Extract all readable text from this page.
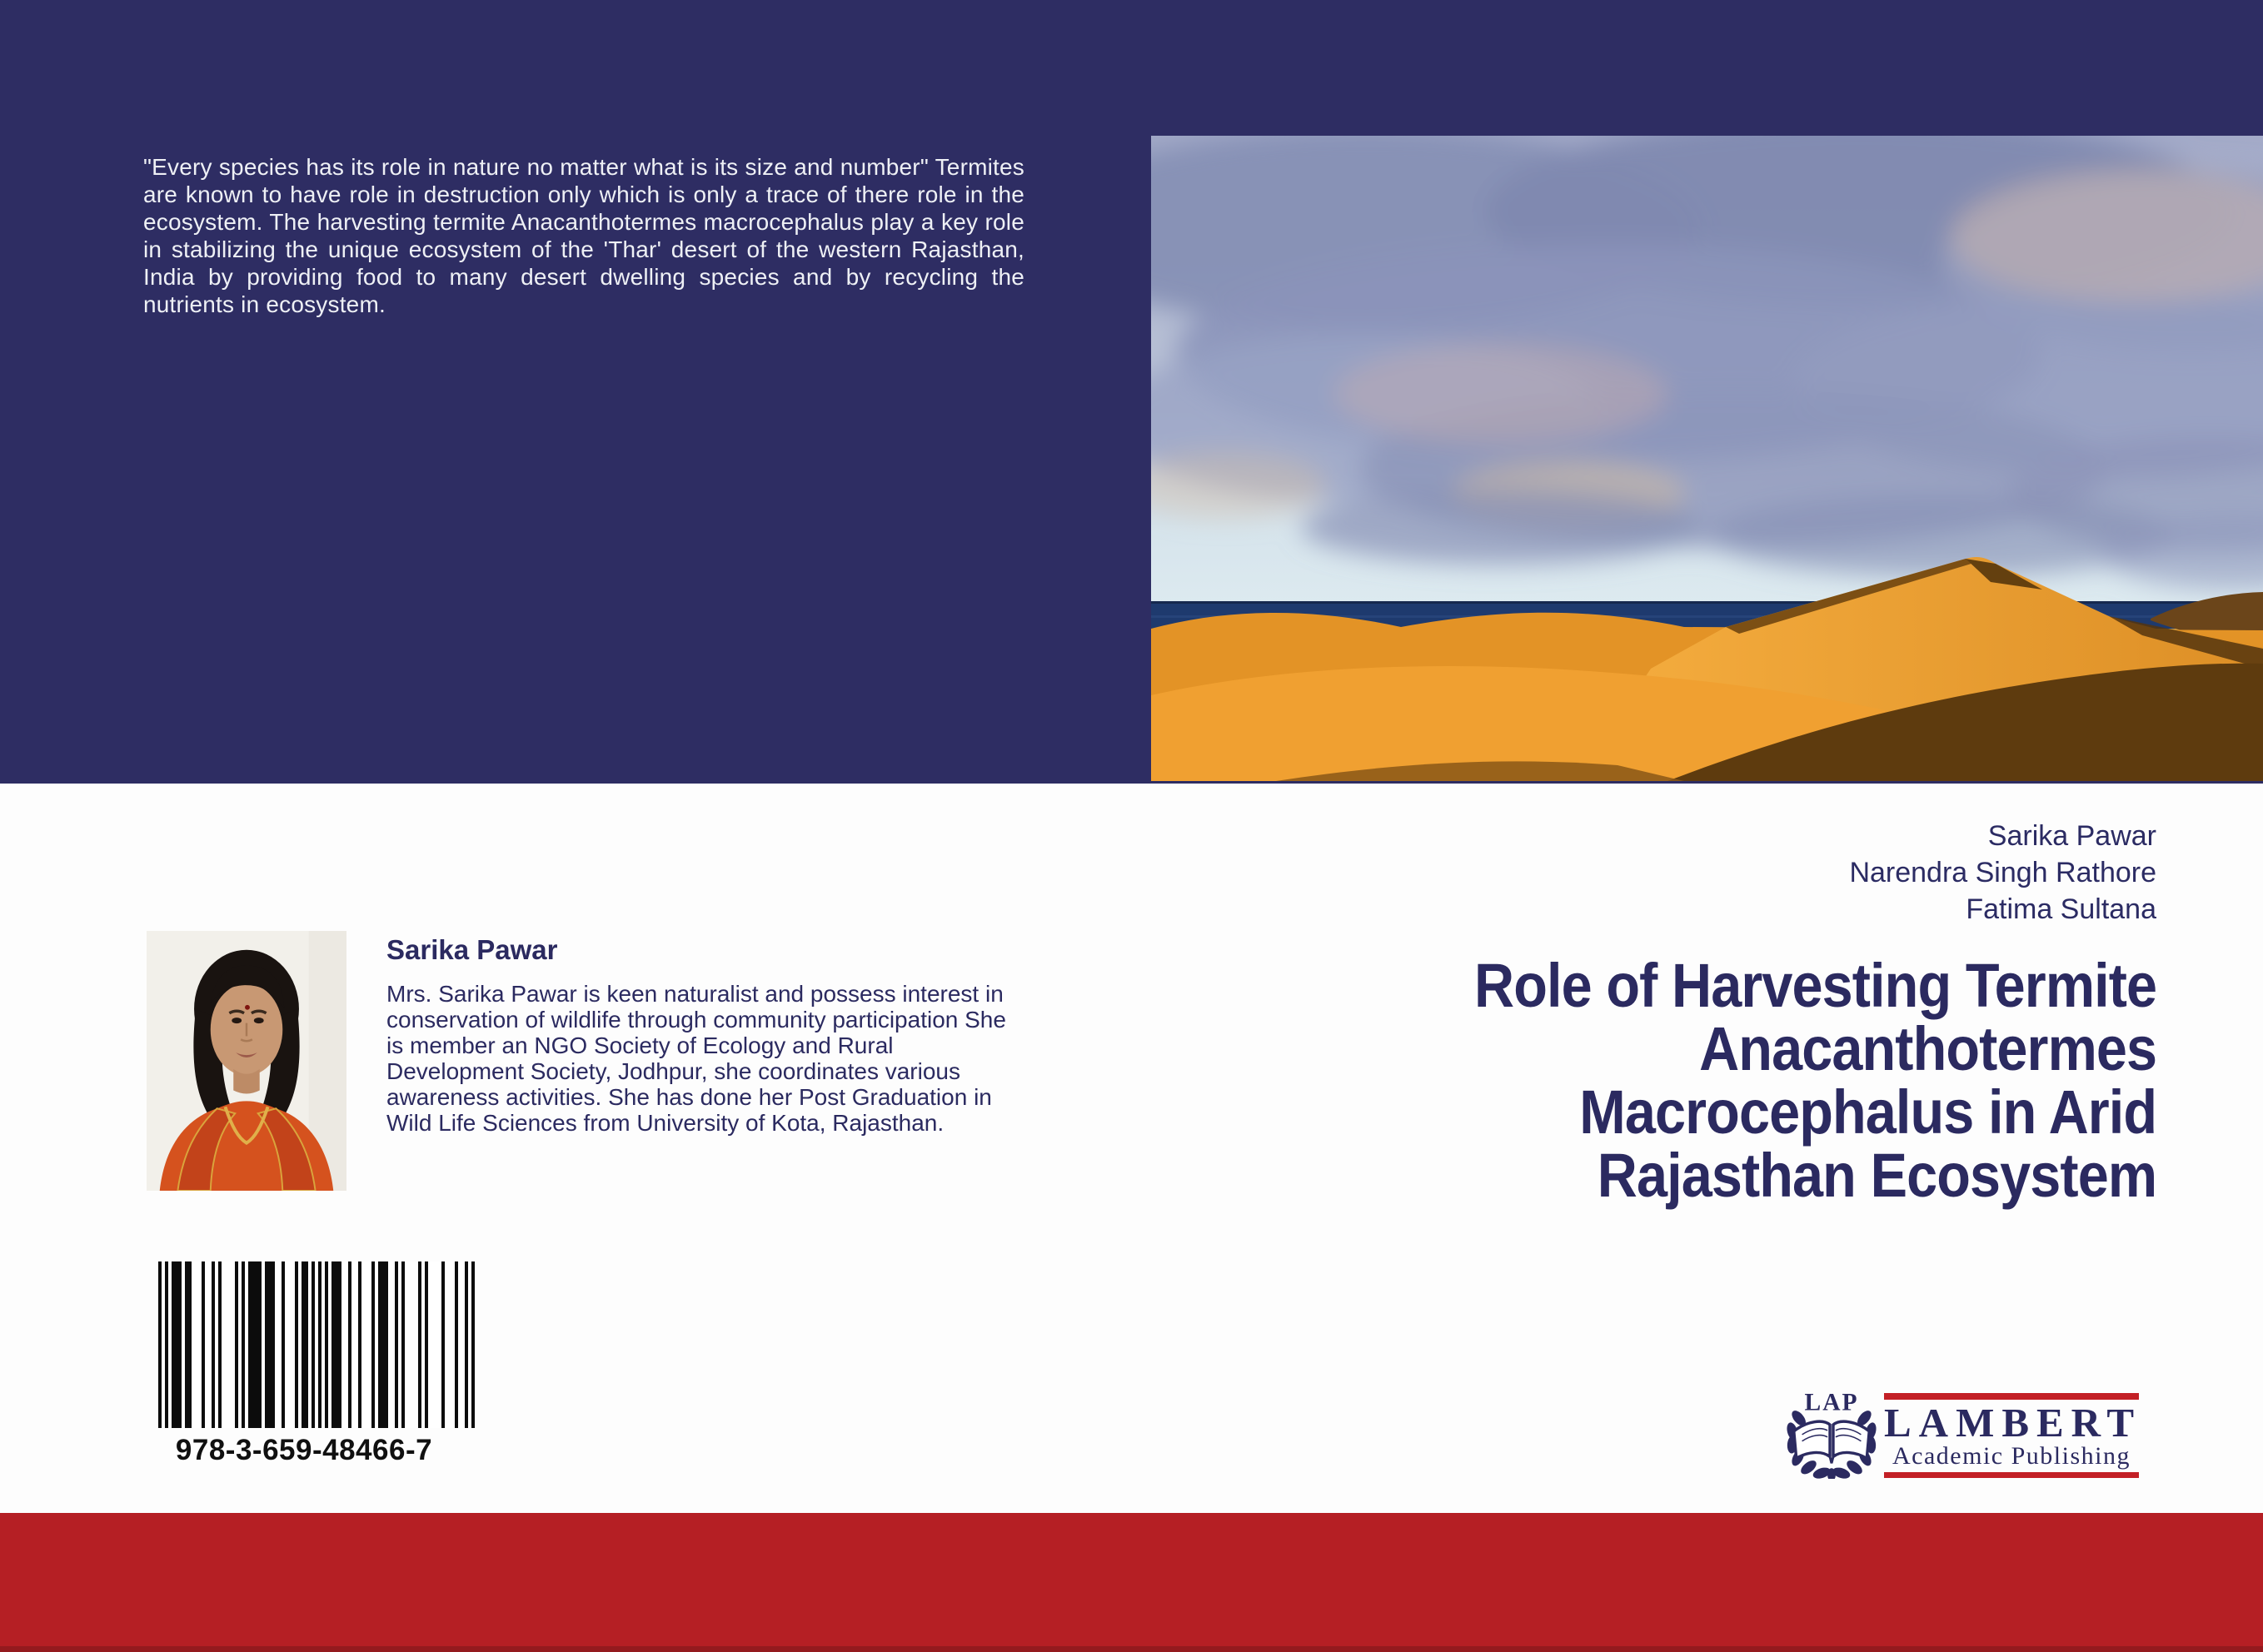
"Every species has its role in nature no matter what is its size and number" Termites are known to have role in destruction only which is only a trace of there role in the ecosystem. The harvesting termite Anacanthotermes macrocephalus play a key role in stabilizing the unique ecosystem of the 'Thar' desert of the western Rajasthan, India by providing food to many desert dwelling species and by recycling the nutrients in ecosystem.

Sarika Pawar
Narendra Singh Rathore
Fatima Sultana
Role of Harvesting Termite
Anacanthotermes
Macrocephalus in Arid
Rajasthan Ecosystem
Sarika Pawar

Mrs. Sarika Pawar is keen naturalist and possess interest in conservation of wildlife through community participation She is member an NGO Society of Ecology and Rural Development Society, Jodhpur, she coordinates various awareness activities. She has done her Post Graduation in Wild Life Sciences from University of Kota, Rajasthan.

978-3-659-48466-7
LAP LAMBERT
Academic Publishing
